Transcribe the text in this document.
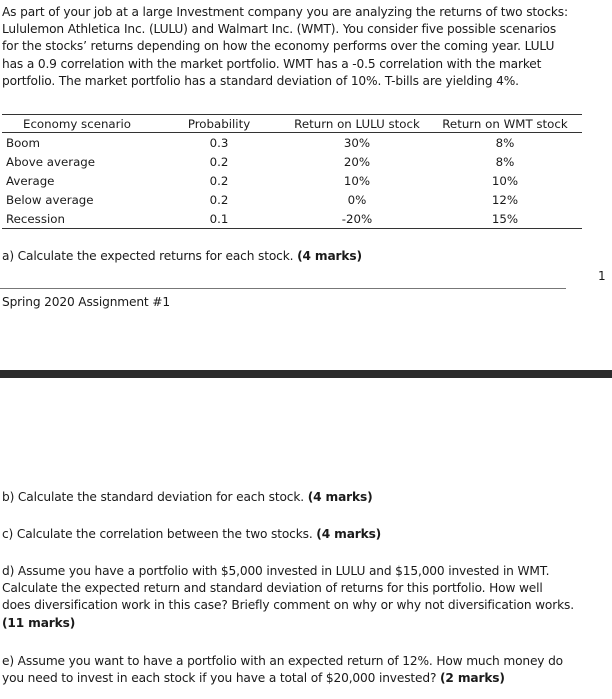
As part of your job at a large Investment company you are analyzing the returns of two stocks:
Lululemon Athletica Inc. (LULU) and Walmart Inc. (WMT). You consider five possible scenarios
for the stocks’ returns depending on how the economy performs over the coming year. LULU
has a 0.9 correlation with the market portfolio. WMT has a -0.5 correlation with the market
portfolio. The market portfolio has a standard deviation of 10%. T-bills are yielding 4%.
Economy scenario	Probability	Return on LULU stock	Return on WMT stock
Boom	0.3	30%	8%
Above average	0.2	20%	8%
Average	0.2	10%	10%
Below average	0.2	0%	12%
Recession	0.1	-20%	15%
a) Calculate the expected returns for each stock. (4 marks)
1
Spring 2020 Assignment #1
b) Calculate the standard deviation for each stock. (4 marks)
c) Calculate the correlation between the two stocks. (4 marks)
d) Assume you have a portfolio with $5,000 invested in LULU and $15,000 invested in WMT.
Calculate the expected return and standard deviation of returns for this portfolio. How well
does diversification work in this case? Briefly comment on why or why not diversification works.
(11 marks)
e) Assume you want to have a portfolio with an expected return of 12%. How much money do
you need to invest in each stock if you have a total of $20,000 invested? (2 marks)
